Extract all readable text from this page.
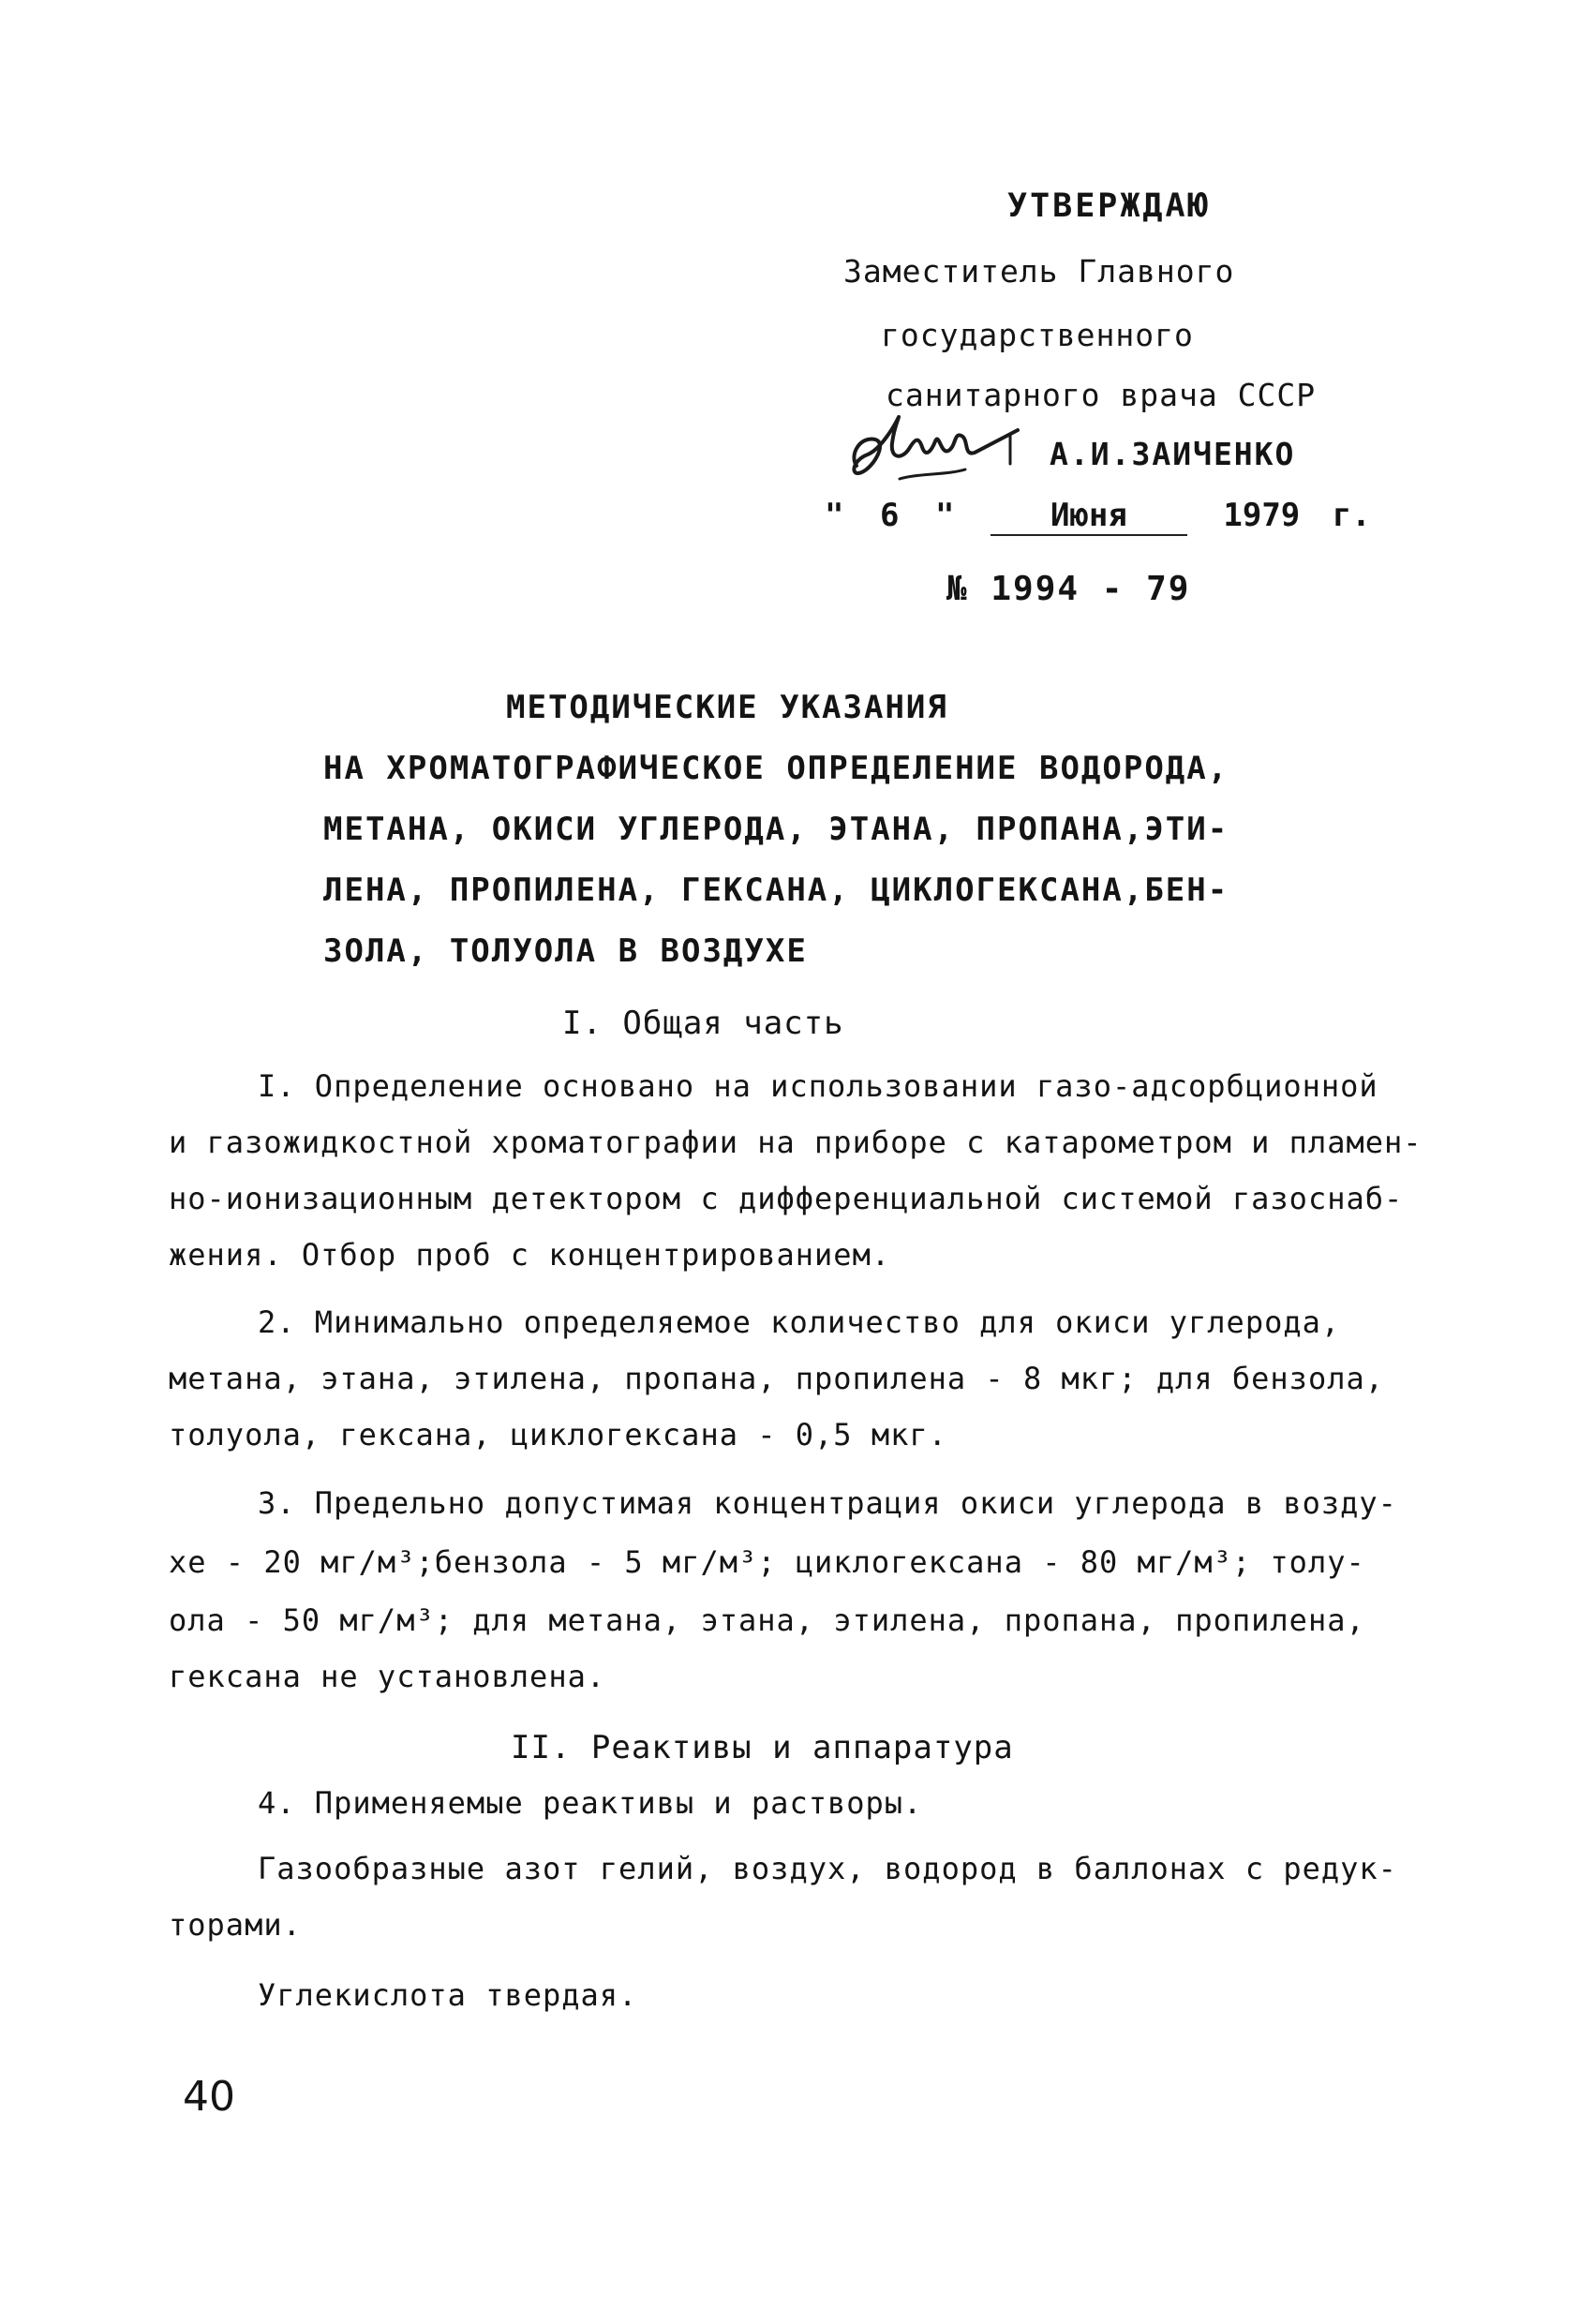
УТВЕРЖДАЮ
Заместитель Главного
государственного
санитарного врача СССР
А.И.ЗАИЧЕНКО
" 6 "	Июня	1979 г.
№ 1994 - 79
МЕТОДИЧЕСКИЕ УКАЗАНИЯ
НА ХРОМАТОГРАФИЧЕСКОЕ ОПРЕДЕЛЕНИЕ ВОДОРОДА,
МЕТАНА, ОКИСИ УГЛЕРОДА, ЭТАНА, ПРОПАНА,ЭТИ-
ЛЕНА, ПРОПИЛЕНА, ГЕКСАНА, ЦИКЛОГЕКСАНА,БЕН-
ЗОЛА, ТОЛУОЛА В ВОЗДУХЕ
I. Общая часть
I. Определение основано на использовании газо-адсорбционной
и газожидкостной хроматографии на приборе с катарометром и пламен-
но-ионизационным детектором с дифференциальной системой газоснаб-
жения. Отбор проб с концентрированием.
2. Минимально определяемое количество для окиси углерода,
метана, этана, этилена, пропана, пропилена - 8 мкг; для бензола,
толуола, гексана, циклогексана - 0,5 мкг.
3. Предельно допустимая концентрация окиси углерода в возду-
хе - 20 мг/м³;бензола - 5 мг/м³; циклогексана - 80 мг/м³; толу-
ола - 50 мг/м³; для метана, этана, этилена, пропана, пропилена,
гексана не установлена.
II. Реактивы и аппаратура
4. Применяемые реактивы и растворы.
Газообразные азот гелий, воздух, водород в баллонах с редук-
торами.
Углекислота твердая.
40
